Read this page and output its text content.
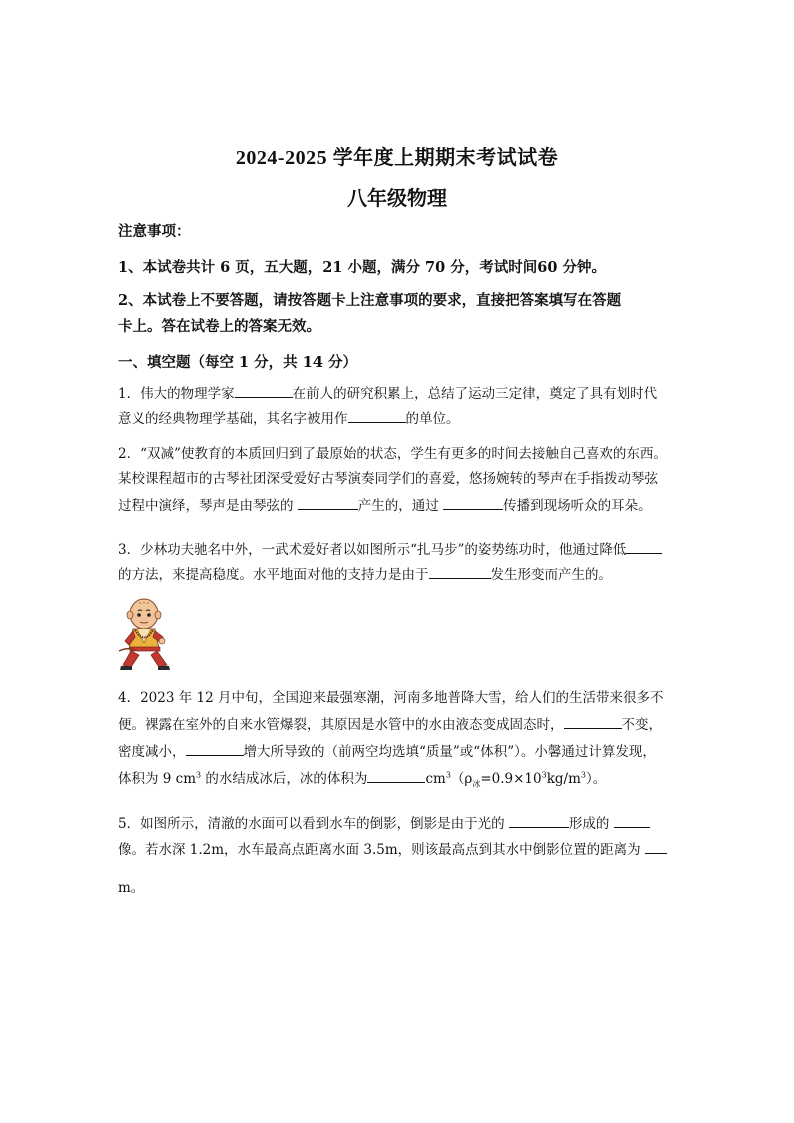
2024-2025 学年度上期期末考试试卷
八年级物理
注意事项：
1、本试卷共计 6 页，五大题，21 小题，满分 70 分，考试时间60 分钟。
2、本试卷上不要答题，请按答题卡上注意事项的要求，直接把答案填写在答题
卡上。答在试卷上的答案无效。
一、填空题（每空 1 分，共 14 分）
1．伟大的物理学家	在前人的研究积累上，总结了运动三定律，奠定了具有划时代
意义的经典物理学基础，其名字被用作	的单位。
2．“双减”使教育的本质回归到了最原始的状态，学生有更多的时间去接触自己喜欢的东西。
某校课程超市的古琴社团深受爱好古琴演奏同学们的喜爱，悠扬婉转的琴声在手指拨动琴弦
过程中演绎，琴声是由琴弦的	产生的，通过	传播到现场听众的耳朵。
3．少林功夫驰名中外，一武术爱好者以如图所示“扎马步”的姿势练功时，他通过降低
的方法，来提高稳度。水平地面对他的支持力是由于	发生形变而产生的。
4．2023 年 12 月中旬，全国迎来最强寒潮，河南多地普降大雪，给人们的生活带来很多不
便。裸露在室外的自来水管爆裂，其原因是水管中的水由液态变成固态时，	不变，
密度减小，	增大所导致的（前两空均选填“质量”或“体积”）。小馨通过计算发现，
体积为 9 $cm^3$ 的水结成冰后，冰的体积为	$cm^3(\rho_冰=0.9\times 10^3kg/m^3)$。
5．如图所示，清澈的水面可以看到水车的倒影，倒影是由于光的	形成的
像。若水深 1.2m，水车最高点距离水面 3.5m，则该最高点到其水中倒影位置的距离为
m。
